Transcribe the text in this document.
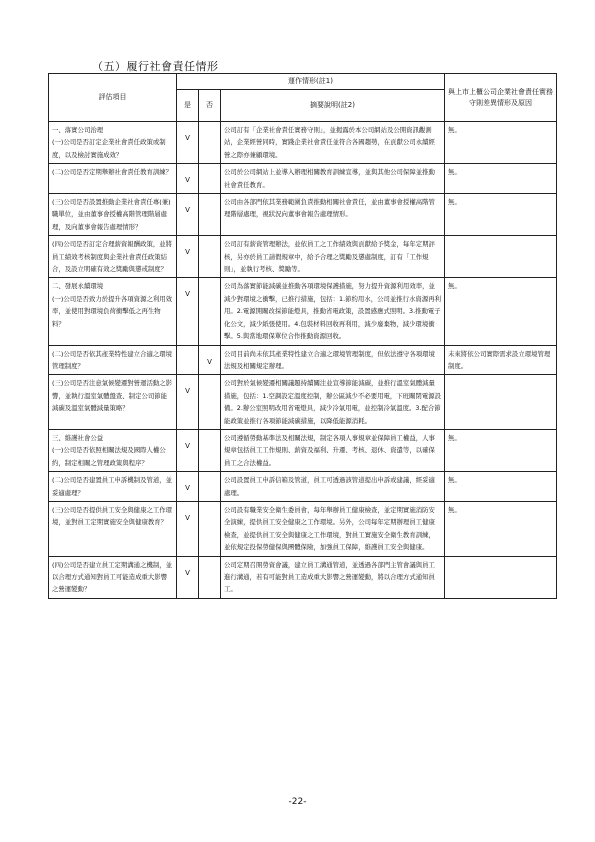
（五）履行社會責任情形
評估項目	運作情形(註1)			與上市上櫃公司企業社會責任實務守則差異情形及原因
	是	否	摘要說明(註2)	

一、落實公司治理
(一)公司是否訂定企業社會責任政策或制度，以及檢討實施成效？	V		公司訂有「企業社會責任實務守則」，並揭露於本公司網站及公開資訊觀測站，企業經營同時，實踐企業社會責任並符合各國趨勢，在貢獻公司永續經營之際亦兼顧環境。	無。

(二)公司是否定期舉辦社會責任教育訓練？	V		公司於公司網站上並導入辦理相關教育訓練宣導，並與其他公司保障並推動社會責任教育。	無。

(三)公司是否設置推動企業社會責任專(兼)職單位，並由董事會授權高階管理階層處理，及向董事會報告處理情形？	V		公司由各部門依其業務範圍負責推動相關社會責任，並由董事會授權高階管理階層處理，視狀況向董事會報告處理情形。	無。

(四)公司是否訂定合理薪資報酬政策，並將員工績效考核制度與企業社會責任政策結合，及設立明確有效之獎勵與懲戒制度？	V		公司訂有薪資管理辦法，並依員工之工作績效與貢獻給予獎金，每年定期評核，另亦於員工請假規章中，給予合理之獎勵及懲處制度，訂有「工作規則」，並執行考核、獎勵等。	

二、發展永續環境
(一)公司是否致力於提升各項資源之利用效率，並使用對環境負荷衝擊低之再生物料？	V		公司為落實節能減碳並推動各項環境保護措施，努力提升資源利用效率，並減少對環境之衝擊，已推行措施，包括：1.節約用水，公司並推行水資源再利用。2.電源開關改採節能燈具，推動省電政策，設置感應式照明。3.推動電子化公文，減少紙張使用。4.包裝材料回收再利用，減少廢棄物，減少環境衝擊。5.與當地環保單位合作推動資源回收。	無。

(二)公司是否依其產業特性建立合適之環境管理制度？		V	公司目前尚未依其產業特性建立合適之環境管理制度，但依法遵守各項環境法規及相關規定辦理。	未來將依公司實際需求設立環境管理制度。

(三)公司是否注意氣候變遷對營運活動之影響，並執行溫室氣體盤查、制定公司節能減碳及溫室氣體減量策略？	V		公司對於氣候變遷相關議題持續關注並宣導節能減碳，並推行溫室氣體減量措施，包括：1.空調設定溫度控制，辦公區減少不必要用電，下班關閉電源設備。2.辦公室照明改用省電燈具，減少冷氣用電，並控制冷氣溫度。3.配合節能政策並推行各項節能減碳措施，以降低能源消耗。	

三、維護社會公益
(一)公司是否依照相關法規及國際人權公約，制定相關之管理政策與程序？	V		公司遵循勞動基準法及相關法規，制定各項人事規章並保障員工權益，人事規章包括員工工作規則、薪資及福利、升遷、考核、退休、資遣等，以確保員工之合法權益。	無。

(二)公司是否建置員工申訴機制及管道，並妥適處理？	V		公司設置員工申訴信箱及管道，員工可透過該管道提出申訴或建議，經妥適處理。	無。

(三)公司是否提供員工安全與健康之工作環境，並對員工定期實施安全與健康教育？	V		公司設有職業安全衛生委員會，每年舉辦員工健康檢查，並定期實施消防安全演練，提供員工安全健康之工作環境。另外，公司每年定期辦理員工健康檢查，並提供員工安全與健康之工作環境，對員工實施安全衛生教育訓練，並依規定投保勞健保與團體保險，加強員工保障，維護員工安全與健康。	無。

(四)公司是否建立員工定期溝通之機制，並以合理方式通知對員工可能造成重大影響之營運變動？	V		公司定期召開勞資會議，建立員工溝通管道，並透過各部門主管會議與員工進行溝通，若有可能對員工造成重大影響之營運變動，將以合理方式通知員工。	
-22-
